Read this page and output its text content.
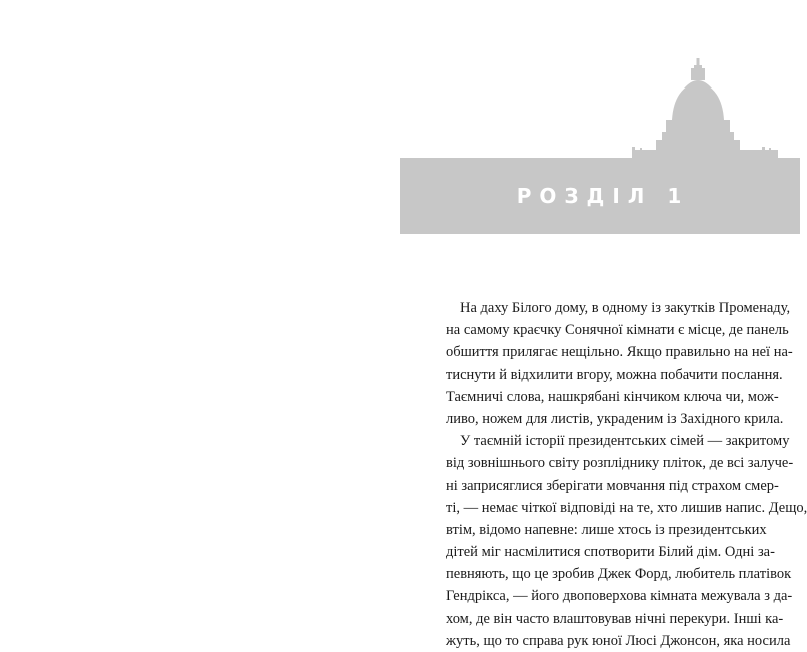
РОЗДІЛ 1
На даху Білого дому, в одному із закутків Променаду,
на самому краєчку Сонячної кімнати є місце, де панель
обшиття прилягає нещільно. Якщо правильно на неї на-
тиснути й відхилити вгору, можна побачити послання.
Таємничі слова, нашкрябані кінчиком ключа чи, мож-
ливо, ножем для листів, украденим із Західного крила.
У таємній історії президентських сімей — закритому
від зовнішнього світу розпліднику пліток, де всі залуче-
ні заприсяглися зберігати мовчання під страхом смер-
ті, — немає чіткої відповіді на те, хто лишив напис. Дещо,
втім, відомо напевне: лише хтось із президентських
дітей міг насмілитися спотворити Білий дім. Одні за-
певняють, що це зробив Джек Форд, любитель платівок
Гендрікса, — його двоповерхова кімната межувала з да-
хом, де він часто влаштовував нічні перекури. Інші ка-
жуть, що то справа рук юної Люсі Джонсон, яка носила
